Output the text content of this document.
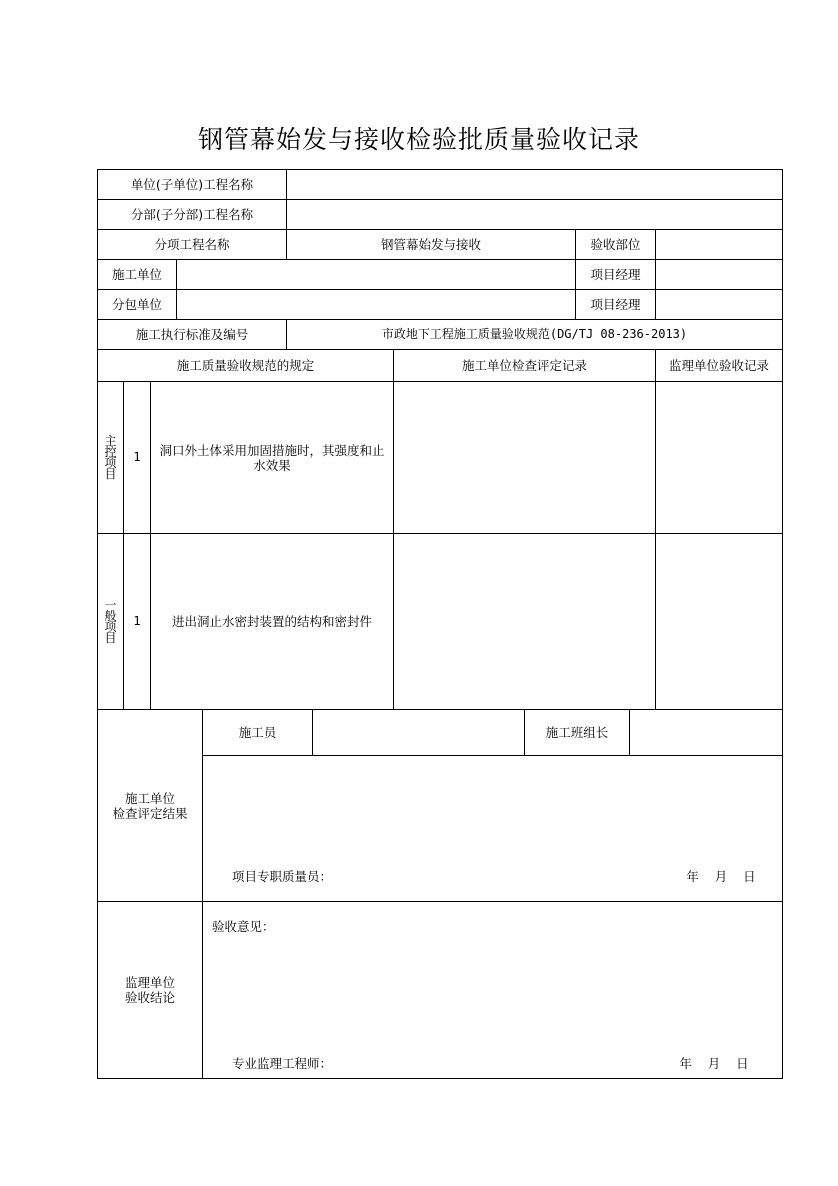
钢管幕始发与接收检验批质量验收记录
单位(子单位)工程名称
分部(子分部)工程名称
分项工程名称	钢管幕始发与接收	验收部位
施工单位	项目经理
分包单位	项目经理
施工执行标准及编号	市政地下工程施工质量验收规范(DG/TJ 08-236-2013)
施工质量验收规范的规定	施工单位检查评定记录	监理单位验收记录
主
控
项
目
1	洞口外土体采用加固措施时，其强度和止水效果
一
般
项
目
1	进出洞止水密封装置的结构和密封件
施工单位
检查评定结果
施工员	施工班组长
项目专职质量员：	年    月    日
监理单位
验收结论
验收意见：
专业监理工程师：	年    月    日
